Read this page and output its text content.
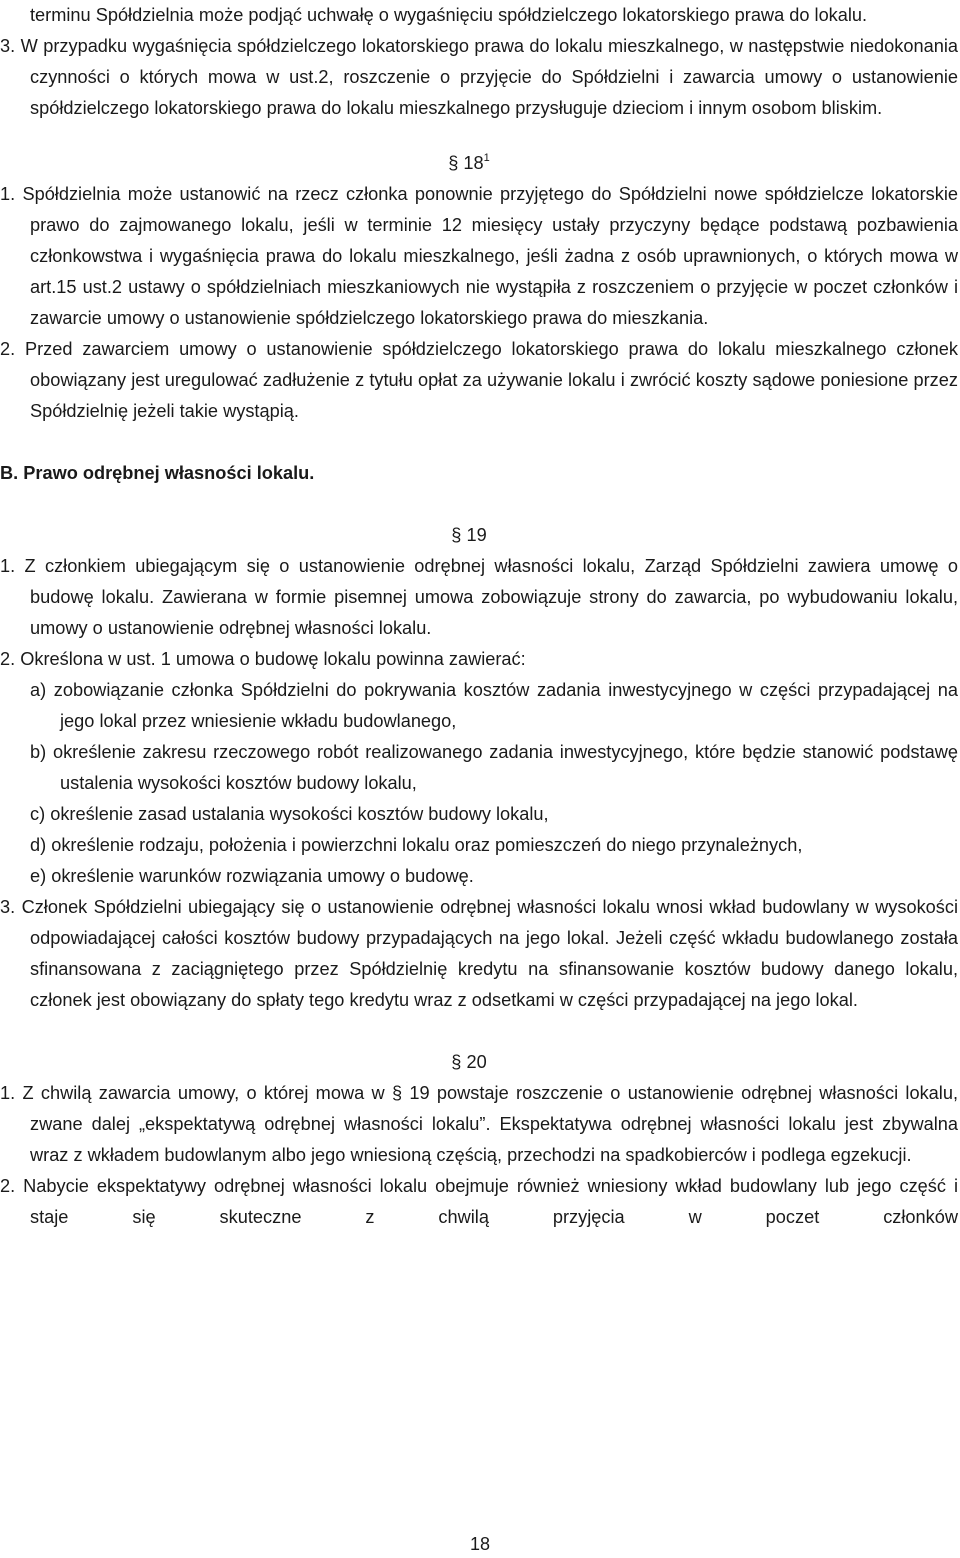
terminu Spółdzielnia może podjąć uchwałę o wygaśnięciu spółdzielczego lokatorskiego prawa do lokalu.

3. W przypadku wygaśnięcia spółdzielczego lokatorskiego prawa do lokalu mieszkalnego, w następstwie niedokonania czynności o których mowa w ust.2, roszczenie o przyjęcie do Spółdzielni i zawarcia umowy o ustanowienie spółdzielczego lokatorskiego prawa do lokalu mieszkalnego przysługuje dzieciom i innym osobom bliskim.

§ $18^1$

1. Spółdzielnia może ustanowić na rzecz członka ponownie przyjętego do Spółdzielni nowe spółdzielcze lokatorskie prawo do zajmowanego lokalu, jeśli w terminie 12 miesięcy ustały przyczyny będące podstawą pozbawienia członkowstwa i wygaśnięcia prawa do lokalu mieszkalnego, jeśli żadna z osób uprawnionych, o których mowa w art.15 ust.2 ustawy o spółdzielniach mieszkaniowych nie wystąpiła z roszczeniem o przyjęcie w poczet członków i zawarcie umowy o ustanowienie spółdzielczego lokatorskiego prawa do mieszkania.

2. Przed zawarciem umowy o ustanowienie spółdzielczego lokatorskiego prawa do lokalu mieszkalnego członek obowiązany jest uregulować zadłużenie z tytułu opłat za używanie lokalu i zwrócić koszty sądowe poniesione przez Spółdzielnię jeżeli takie wystąpią.

B. Prawo odrębnej własności lokalu.

§ 19

1. Z członkiem ubiegającym się o ustanowienie odrębnej własności lokalu, Zarząd Spółdzielni zawiera umowę o budowę lokalu. Zawierana w formie pisemnej umowa zobowiązuje strony do zawarcia, po wybudowaniu lokalu, umowy o ustanowienie odrębnej własności lokalu.

2. Określona w ust. 1 umowa o budowę lokalu powinna zawierać:

a) zobowiązanie członka Spółdzielni do pokrywania kosztów zadania inwestycyjnego w części przypadającej na jego lokal przez wniesienie wkładu budowlanego,

b) określenie zakresu rzeczowego robót realizowanego zadania inwestycyjnego, które będzie stanowić podstawę ustalenia wysokości kosztów budowy lokalu,

c) określenie zasad ustalania wysokości kosztów budowy lokalu,

d) określenie rodzaju, położenia i powierzchni lokalu oraz pomieszczeń do niego przynależnych,

e) określenie warunków rozwiązania umowy o budowę.

3. Członek Spółdzielni ubiegający się o ustanowienie odrębnej własności lokalu wnosi wkład budowlany w wysokości odpowiadającej całości kosztów budowy przypadających na jego lokal. Jeżeli część wkładu budowlanego została sfinansowana z zaciągniętego przez Spółdzielnię kredytu na sfinansowanie kosztów budowy danego lokalu, członek jest obowiązany do spłaty tego kredytu wraz z odsetkami w części przypadającej na jego lokal.

§ 20

1. Z chwilą zawarcia umowy, o której mowa w § 19 powstaje roszczenie o ustanowienie odrębnej własności lokalu, zwane dalej „ekspektatywą odrębnej własności lokalu”. Ekspektatywa odrębnej własności lokalu jest zbywalna wraz z wkładem budowlanym albo jego wniesioną częścią, przechodzi na spadkobierców i podlega egzekucji.

2. Nabycie ekspektatywy odrębnej własności lokalu obejmuje również wniesiony wkład budowlany lub jego część i staje się skuteczne z chwilą przyjęcia w poczet członków

18
